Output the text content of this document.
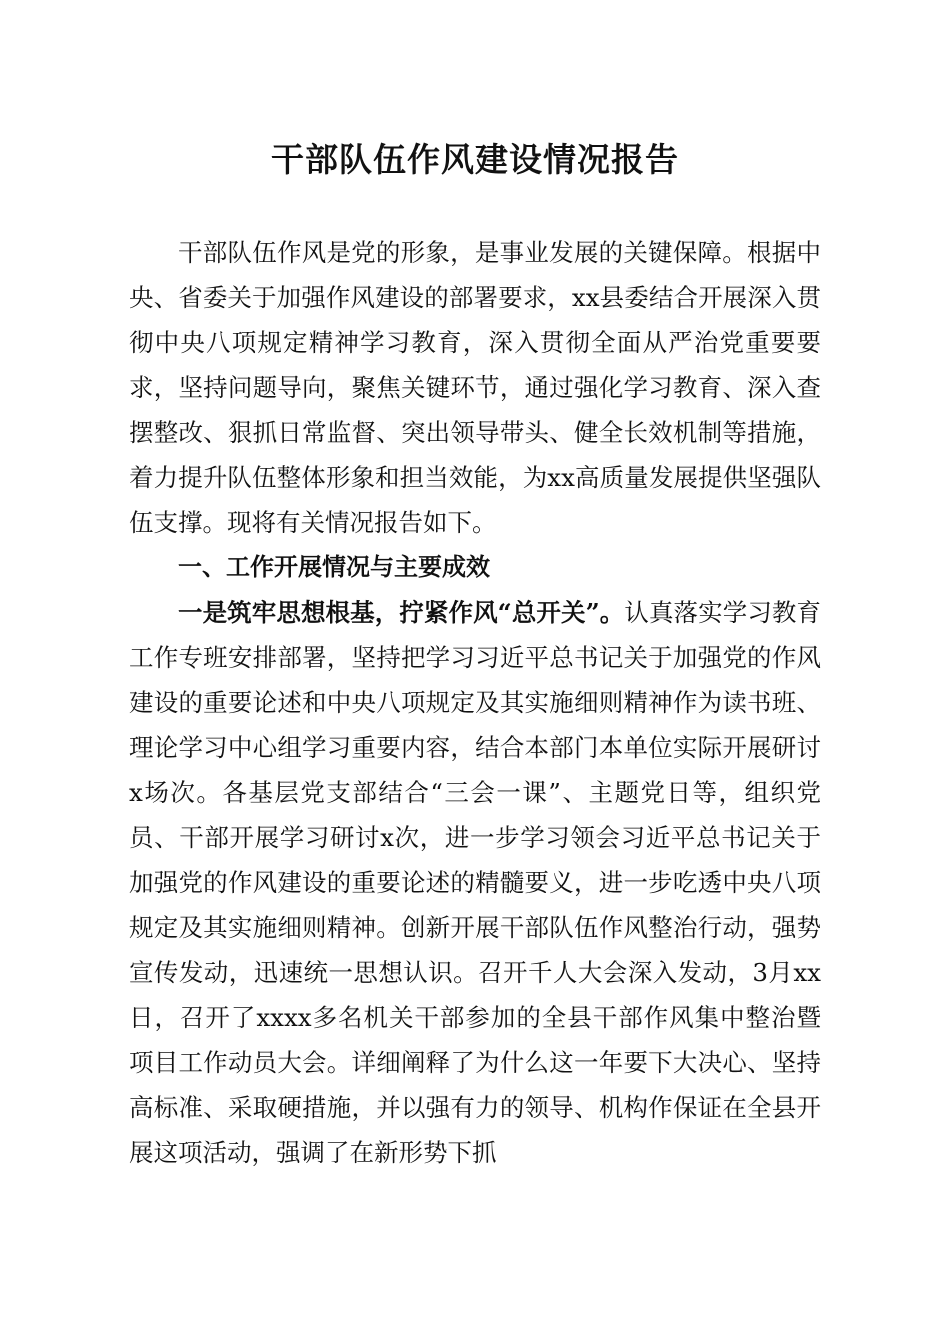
干部队伍作风建设情况报告

干部队伍作风是党的形象，是事业发展的关键保障。根据中央、省委关于加强作风建设的部署要求，xx县委结合开展深入贯彻中央八项规定精神学习教育，深入贯彻全面从严治党重要要求，坚持问题导向，聚焦关键环节，通过强化学习教育、深入查摆整改、狠抓日常监督、突出领导带头、健全长效机制等措施，着力提升队伍整体形象和担当效能，为xx高质量发展提供坚强队伍支撑。现将有关情况报告如下。

一、工作开展情况与主要成效

一是筑牢思想根基，拧紧作风“总开关”。认真落实学习教育工作专班安排部署，坚持把学习习近平总书记关于加强党的作风建设的重要论述和中央八项规定及其实施细则精神作为读书班、理论学习中心组学习重要内容，结合本部门本单位实际开展研讨x场次。各基层党支部结合“三会一课”、主题党日等，组织党员、干部开展学习研讨x次，进一步学习领会习近平总书记关于加强党的作风建设的重要论述的精髓要义，进一步吃透中央八项规定及其实施细则精神。创新开展干部队伍作风整治行动，强势宣传发动，迅速统一思想认识。召开千人大会深入发动，3月xx日，召开了xxxx多名机关干部参加的全县干部作风集中整治暨项目工作动员大会。详细阐释了为什么这一年要下大决心、坚持高标准、采取硬措施，并以强有力的领导、机构作保证在全县开展这项活动，强调了在新形势下抓
